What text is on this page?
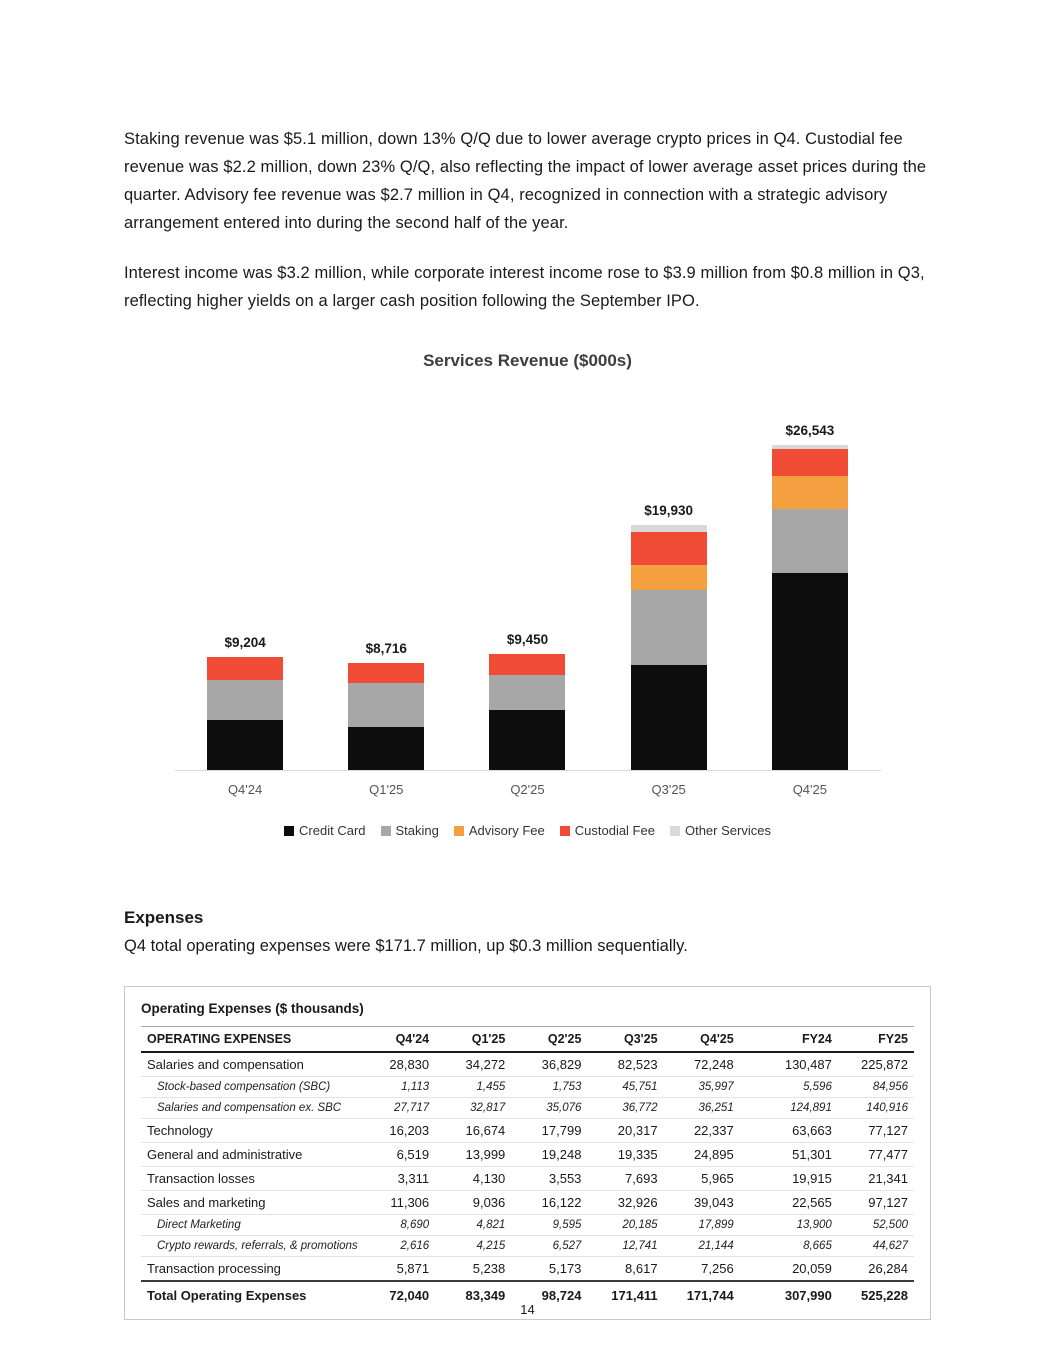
Staking revenue was $5.1 million, down 13% Q/Q due to lower average crypto prices in Q4. Custodial fee revenue was $2.2 million, down 23% Q/Q, also reflecting the impact of lower average asset prices during the quarter. Advisory fee revenue was $2.7 million in Q4, recognized in connection with a strategic advisory arrangement entered into during the second half of the year.

Interest income was $3.2 million, while corporate interest income rose to $3.9 million from $0.8 million in Q3, reflecting higher yields on a larger cash position following the September IPO.

Services Revenue ($000s)
$9,204	$8,716
$9,450
$19,930
$26,543
Q4'24	Q1'25	Q2'25	Q3'25	Q4'25
Credit Card Staking Advisory Fee Custodial Fee Other Services
Expenses

Q4 total operating expenses were $171.7 million, up $0.3 million sequentially.

Operating Expenses ($ thousands)
OPERATING EXPENSES	Q4'24	Q1'25	Q2'25	Q3'25	Q4'25		FY24	FY25
Salaries and compensation	28,830	34,272	36,829	82,523	72,248		130,487	225,872
Stock-based compensation (SBC)	1,113	1,455	1,753	45,751	35,997		5,596	84,956
Salaries and compensation ex. SBC	27,717	32,817	35,076	36,772	36,251		124,891	140,916
Technology	16,203	16,674	17,799	20,317	22,337		63,663	77,127
General and administrative	6,519	13,999	19,248	19,335	24,895		51,301	77,477
Transaction losses	3,311	4,130	3,553	7,693	5,965		19,915	21,341
Sales and marketing	11,306	9,036	16,122	32,926	39,043		22,565	97,127
Direct Marketing	8,690	4,821	9,595	20,185	17,899		13,900	52,500
Crypto rewards, referrals, & promotions	2,616	4,215	6,527	12,741	21,144		8,665	44,627
Transaction processing	5,871	5,238	5,173	8,617	7,256		20,059	26,284
Total Operating Expenses	72,040	83,349	98,724	171,411	171,744		307,990	525,228
14
